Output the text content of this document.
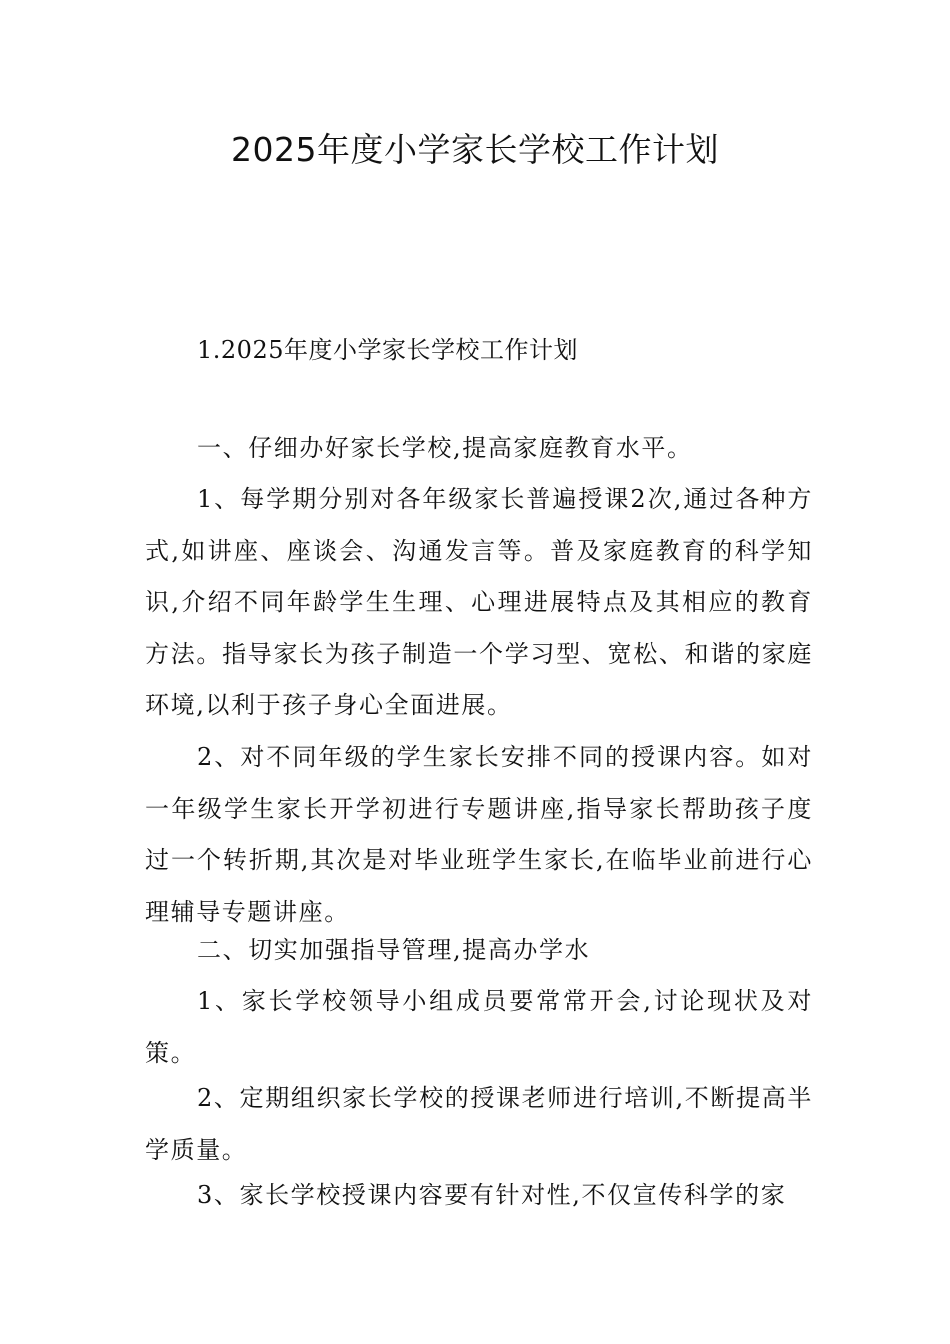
2025年度小学家长学校工作计划
1.2025年度小学家长学校工作计划

一、仔细办好家长学校,提高家庭教育水平。

1、每学期分别对各年级家长普遍授课2次,通过各种方式,如讲座、座谈会、沟通发言等。普及家庭教育的科学知识,介绍不同年龄学生生理、心理进展特点及其相应的教育方法。指导家长为孩子制造一个学习型、宽松、和谐的家庭环境,以利于孩子身心全面进展。

2、对不同年级的学生家长安排不同的授课内容。如对一年级学生家长开学初进行专题讲座,指导家长帮助孩子度过一个转折期,其次是对毕业班学生家长,在临毕业前进行心理辅导专题讲座。

二、切实加强指导管理,提高办学水

1、家长学校领导小组成员要常常开会,讨论现状及对策。

2、定期组织家长学校的授课老师进行培训,不断提高半学质量。

3、家长学校授课内容要有针对性,不仅宣传科学的家
